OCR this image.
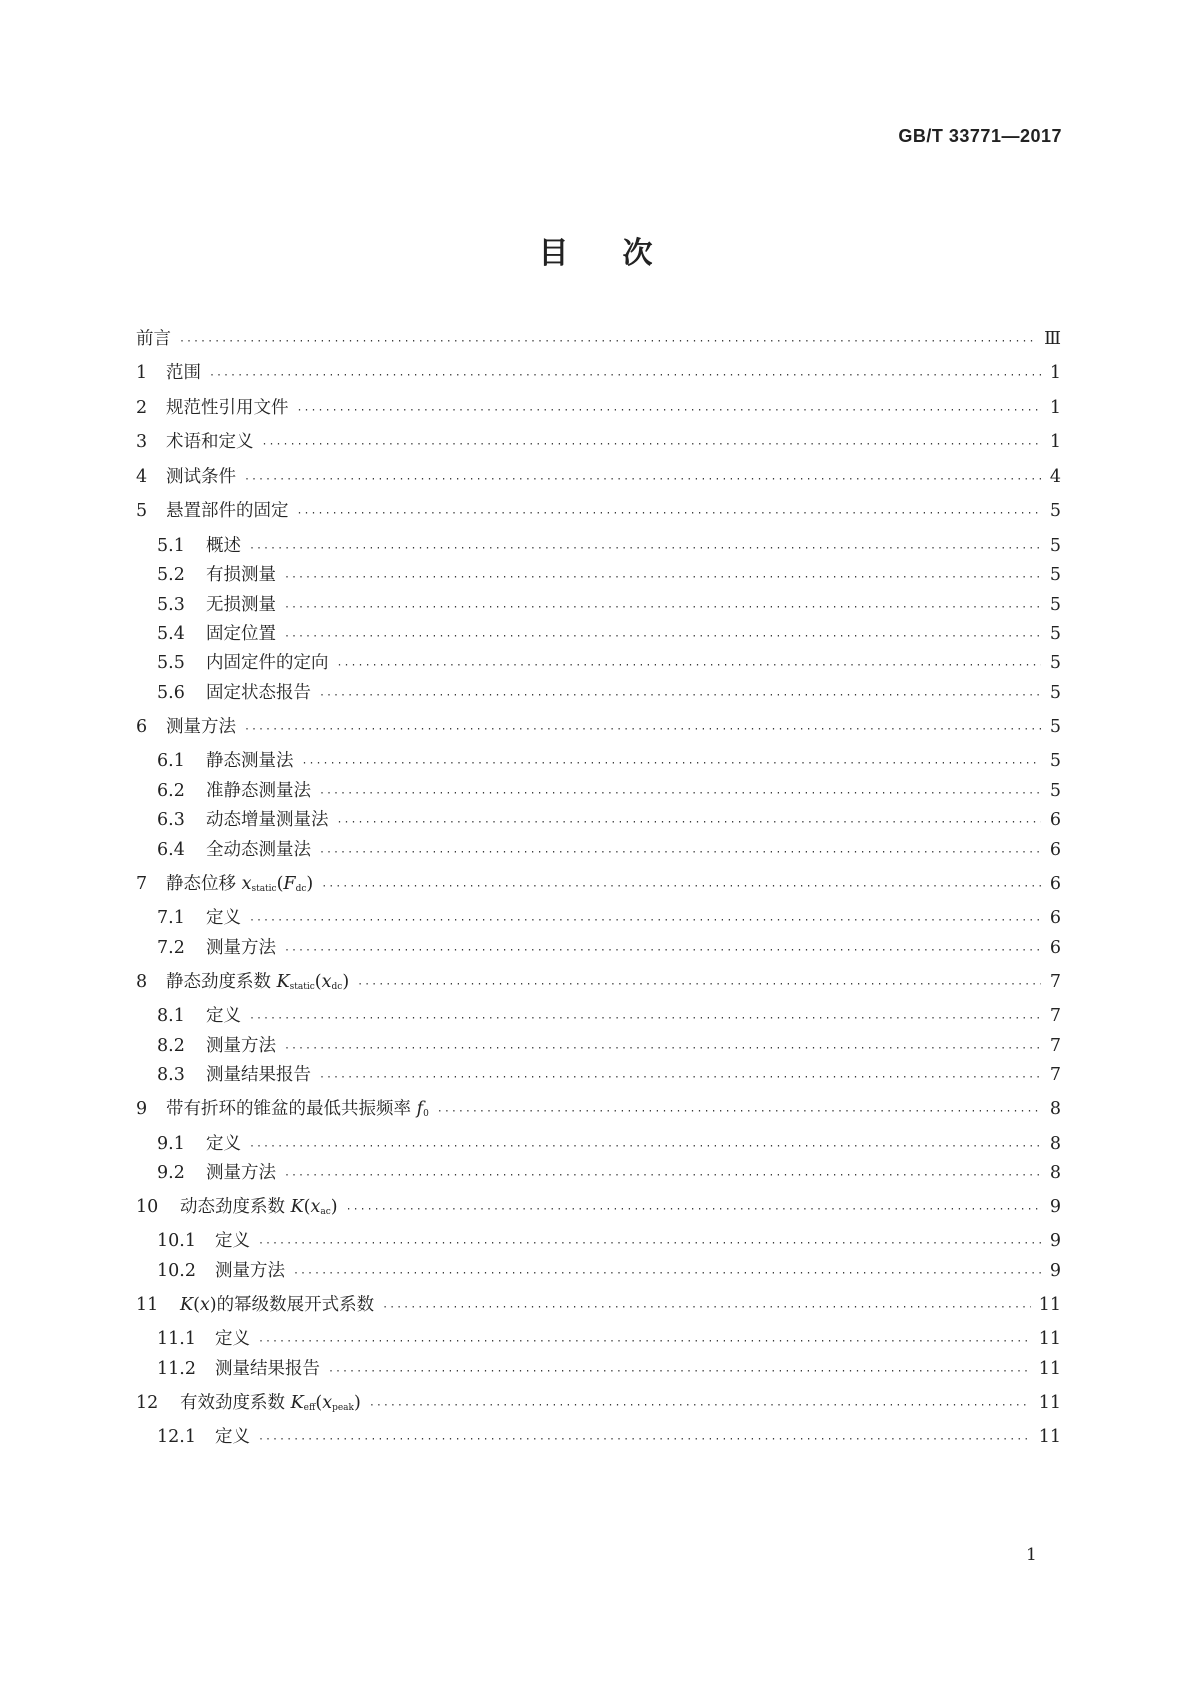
GB/T 33771—2017
目次
前言 ·····	Ⅲ
1	范围 ·····	1
2	规范性引用文件 ·····	1
3	术语和定义 ·····	1
4	测试条件 ·····	4
5	悬置部件的固定 ·····	5
5.1	概述 ·····	5
5.2	有损测量 ·····	5
5.3	无损测量 ·····	5
5.4	固定位置 ·····	5
5.5	内固定件的定向 ·····	5
5.6	固定状态报告 ·····	5
6	测量方法 ·····	5
6.1	静态测量法 ·····	5
6.2	准静态测量法 ·····	5
6.3	动态增量测量法 ·····	6
6.4	全动态测量法 ·····	6
7	静态位移 $x_{static}(F_{dc})$ ·····	6
7.1	定义 ·····	6
7.2	测量方法 ·····	6
8	静态劲度系数 $K_{static}(x_{dc})$ ·····	7
8.1	定义 ·····	7
8.2	测量方法 ·····	7
8.3	测量结果报告 ·····	7
9	带有折环的锥盆的最低共振频率 $f_0$ ·····	8
9.1	定义 ·····	8
9.2	测量方法 ·····	8
10	动态劲度系数 $K(x_{ac})$ ·····	9
10.1	定义 ·····	9
10.2	测量方法 ·····	9
11	K(x)的幂级数展开式系数 ·····	11
11.1	定义 ·····	11
11.2	测量结果报告 ·····	11
12	有效劲度系数 $K_{eff}(x_{peak})$ ·····	11
12.1	定义 ·····	11
1
